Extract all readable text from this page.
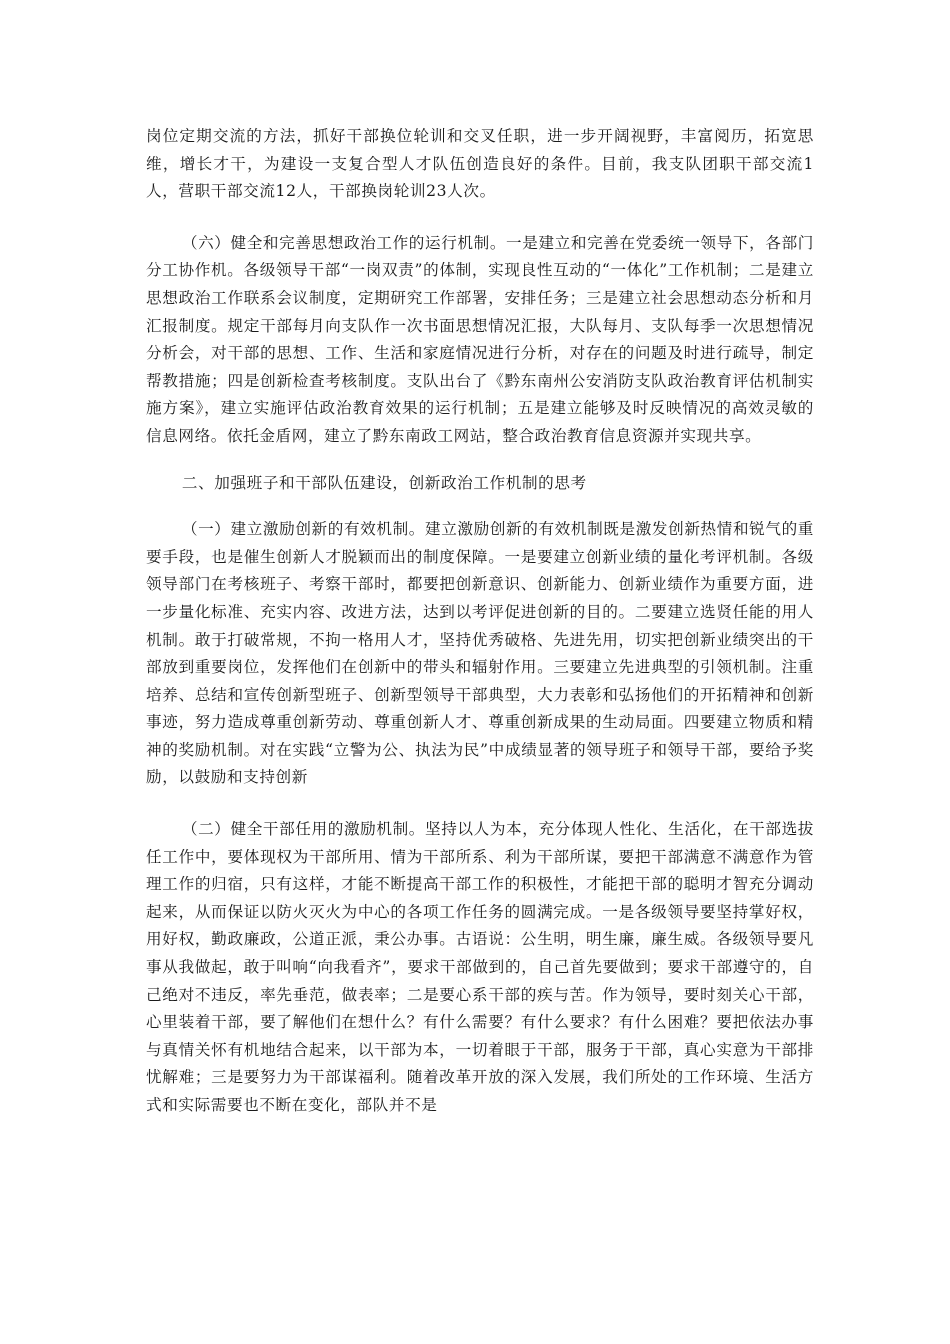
岗位定期交流的方法，抓好干部换位轮训和交叉任职，进一步开阔视野，丰富阅历，拓宽思维，增长才干，为建设一支复合型人才队伍创造良好的条件。目前，我支队团职干部交流1人，营职干部交流12人，干部换岗轮训23人次。

（六）健全和完善思想政治工作的运行机制。一是建立和完善在党委统一领导下，各部门分工协作机。各级领导干部“一岗双责”的体制，实现良性互动的“一体化”工作机制；二是建立思想政治工作联系会议制度，定期研究工作部署，安排任务；三是建立社会思想动态分析和月汇报制度。规定干部每月向支队作一次书面思想情况汇报，大队每月、支队每季一次思想情况分析会，对干部的思想、工作、生活和家庭情况进行分析，对存在的问题及时进行疏导，制定帮教措施；四是创新检查考核制度。支队出台了《黔东南州公安消防支队政治教育评估机制实施方案》，建立实施评估政治教育效果的运行机制；五是建立能够及时反映情况的高效灵敏的信息网络。依托金盾网，建立了黔东南政工网站，整合政治教育信息资源并实现共享。

二、加强班子和干部队伍建设，创新政治工作机制的思考

（一）建立激励创新的有效机制。建立激励创新的有效机制既是激发创新热情和锐气的重要手段，也是催生创新人才脱颖而出的制度保障。一是要建立创新业绩的量化考评机制。各级领导部门在考核班子、考察干部时，都要把创新意识、创新能力、创新业绩作为重要方面，进一步量化标准、充实内容、改进方法，达到以考评促进创新的目的。二要建立选贤任能的用人机制。敢于打破常规，不拘一格用人才，坚持优秀破格、先进先用，切实把创新业绩突出的干部放到重要岗位，发挥他们在创新中的带头和辐射作用。三要建立先进典型的引领机制。注重培养、总结和宣传创新型班子、创新型领导干部典型，大力表彰和弘扬他们的开拓精神和创新事迹，努力造成尊重创新劳动、尊重创新人才、尊重创新成果的生动局面。四要建立物质和精神的奖励机制。对在实践“立警为公、执法为民”中成绩显著的领导班子和领导干部，要给予奖励，以鼓励和支持创新

（二）健全干部任用的激励机制。坚持以人为本，充分体现人性化、生活化，在干部选拔任工作中，要体现权为干部所用、情为干部所系、利为干部所谋，要把干部满意不满意作为管理工作的归宿，只有这样，才能不断提高干部工作的积极性，才能把干部的聪明才智充分调动起来，从而保证以防火灭火为中心的各项工作任务的圆满完成。一是各级领导要坚持掌好权，用好权，勤政廉政，公道正派，秉公办事。古语说：公生明，明生廉，廉生威。各级领导要凡事从我做起，敢于叫响“向我看齐”，要求干部做到的，自己首先要做到；要求干部遵守的，自己绝对不违反，率先垂范，做表率；二是要心系干部的疾与苦。作为领导，要时刻关心干部，心里装着干部，要了解他们在想什么？有什么需要？有什么要求？有什么困难？要把依法办事与真情关怀有机地结合起来，以干部为本，一切着眼于干部，服务于干部，真心实意为干部排忧解难；三是要努力为干部谋福利。随着改革开放的深入发展，我们所处的工作环境、生活方式和实际需要也不断在变化，部队并不是
